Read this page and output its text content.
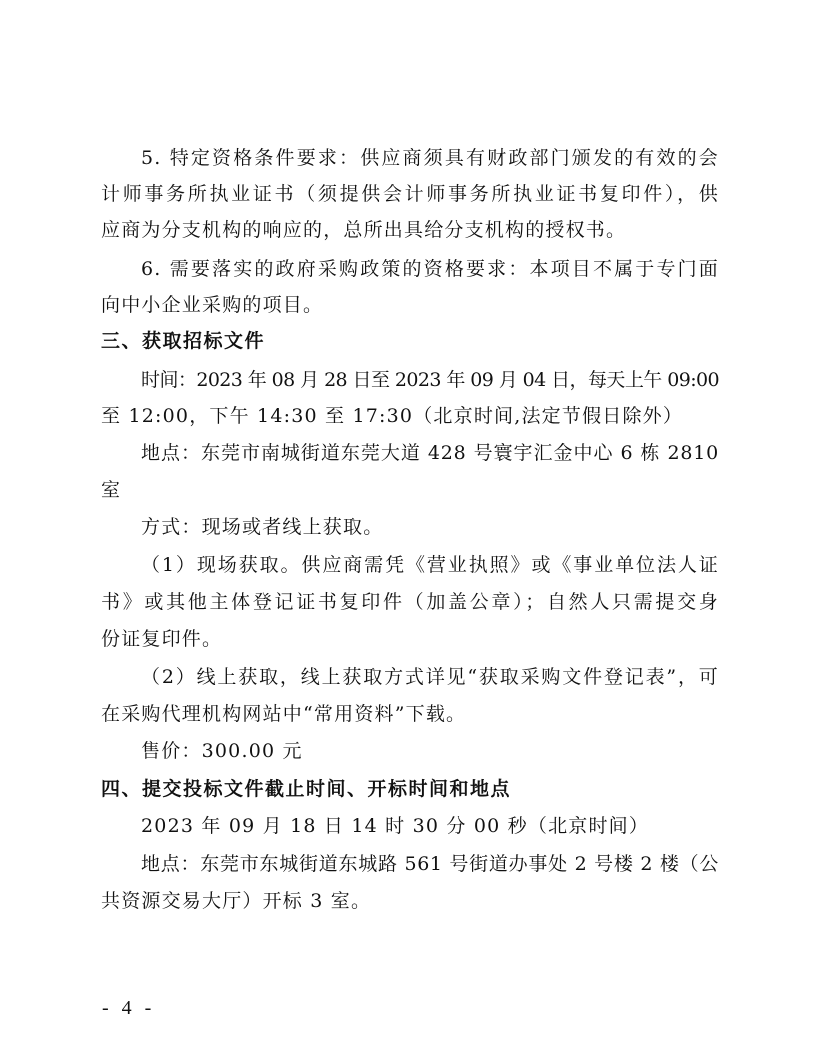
5. 特定资格条件要求：供应商须具有财政部门颁发的有效的会
计师事务所执业证书（须提供会计师事务所执业证书复印件），供
应商为分支机构的响应的，总所出具给分支机构的授权书。
6. 需要落实的政府采购政策的资格要求：本项目不属于专门面
向中小企业采购的项目。
三、获取招标文件
时间：2023 年 08 月 28 日至 2023 年 09 月 04 日，每天上午 09:00
至 12:00，下午 14:30 至 17:30（北京时间,法定节假日除外）
地点：东莞市南城街道东莞大道 428 号寰宇汇金中心 6 栋 2810
室
方式：现场或者线上获取。
（1）现场获取。供应商需凭《营业执照》或《事业单位法人证
书》或其他主体登记证书复印件（加盖公章）；自然人只需提交身
份证复印件。
（2）线上获取，线上获取方式详见“获取采购文件登记表”，可
在采购代理机构网站中“常用资料”下载。
售价：300.00 元
四、提交投标文件截止时间、开标时间和地点
2023 年 09 月 18 日 14 时 30 分 00 秒（北京时间）
地点：东莞市东城街道东城路 561 号街道办事处 2 号楼 2 楼（公
共资源交易大厅）开标 3 室。
- 4 -
